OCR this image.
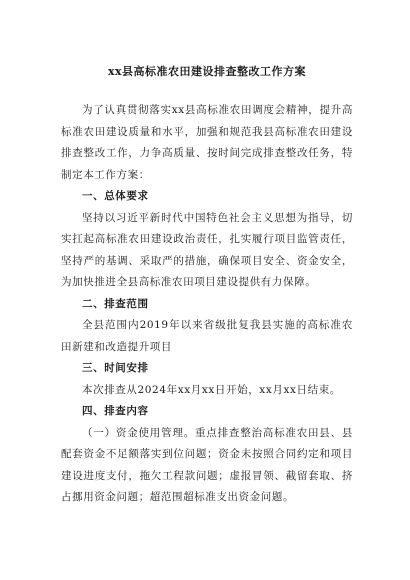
xx县高标准农田建设排查整改工作方案

为了认真贯彻落实xx县高标准农田调度会精神，提升高标准农田建设质量和水平，加强和规范我县高标准农田建设排查整改工作，力争高质量、按时间完成排查整改任务，特制定本工作方案：

一、总体要求

坚持以习近平新时代中国特色社会主义思想为指导，切实扛起高标准农田建设政治责任，扎实履行项目监管责任，坚持严的基调、采取严的措施，确保项目安全、资金安全，为加快推进全县高标准农田项目建设提供有力保障。

二、排查范围

全县范围内2019年以来省级批复我县实施的高标准农田新建和改造提升项目

三、时间安排

本次排查从2024年xx月xx日开始，xx月xx日结束。

四、排查内容

（一）资金使用管理。重点排查整治高标准农田县、县配套资金不足额落实到位问题；资金未按照合同约定和项目建设进度支付，拖欠工程款问题；虚报冒领、截留套取、挤占挪用资金问题；超范围超标准支出资金问题。
